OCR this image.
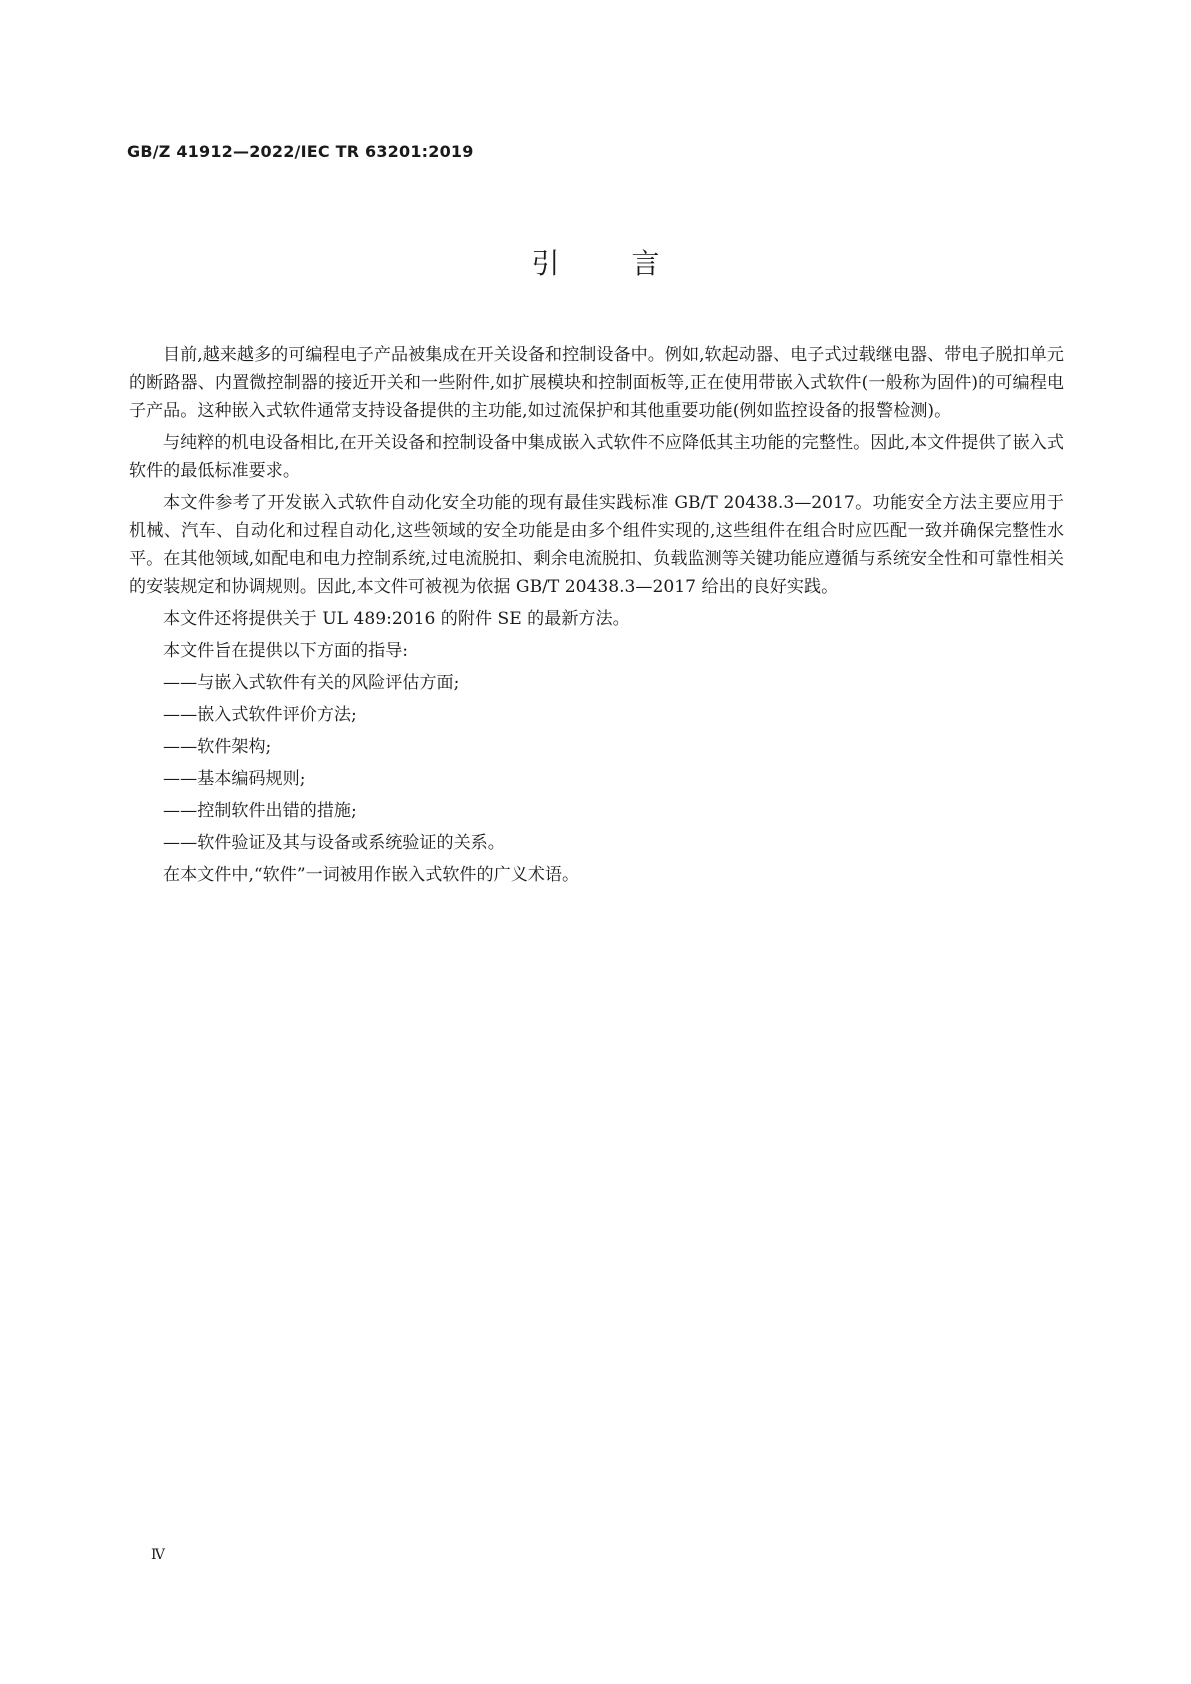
GB/Z 41912—2022/IEC TR 63201:2019
引言

目前,越来越多的可编程电子产品被集成在开关设备和控制设备中。例如,软起动器、电子式过载继电器、带电子脱扣单元的断路器、内置微控制器的接近开关和一些附件,如扩展模块和控制面板等,正在使用带嵌入式软件(一般称为固件)的可编程电子产品。这种嵌入式软件通常支持设备提供的主功能,如过流保护和其他重要功能(例如监控设备的报警检测)。

与纯粹的机电设备相比,在开关设备和控制设备中集成嵌入式软件不应降低其主功能的完整性。因此,本文件提供了嵌入式软件的最低标准要求。

本文件参考了开发嵌入式软件自动化安全功能的现有最佳实践标准 GB/T 20438.3—2017。功能安全方法主要应用于机械、汽车、自动化和过程自动化,这些领域的安全功能是由多个组件实现的,这些组件在组合时应匹配一致并确保完整性水平。在其他领域,如配电和电力控制系统,过电流脱扣、剩余电流脱扣、负载监测等关键功能应遵循与系统安全性和可靠性相关的安装规定和协调规则。因此,本文件可被视为依据 GB/T 20438.3—2017 给出的良好实践。

本文件还将提供关于 UL 489:2016 的附件 SE 的最新方法。

本文件旨在提供以下方面的指导:

——与嵌入式软件有关的风险评估方面;

——嵌入式软件评价方法;

——软件架构;

——基本编码规则;

——控制软件出错的措施;

——软件验证及其与设备或系统验证的关系。

在本文件中,“软件”一词被用作嵌入式软件的广义术语。

Ⅳ
